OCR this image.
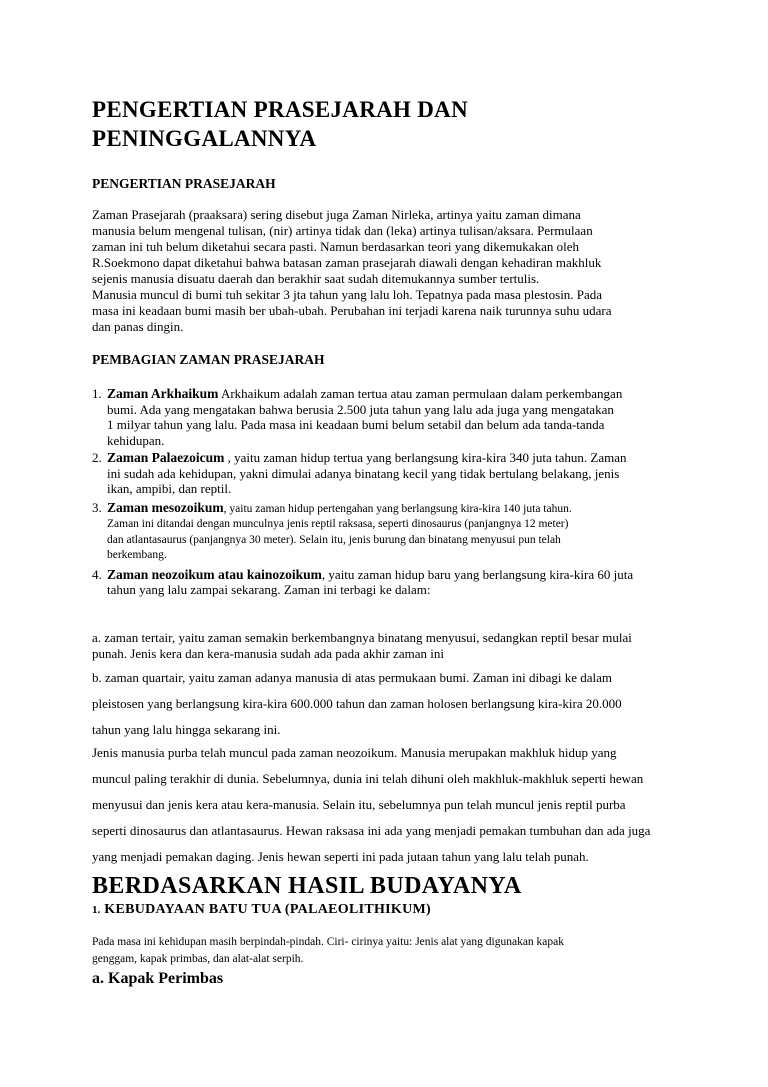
PENGERTIAN PRASEJARAH DAN
PENINGGALANNYA
PENGERTIAN PRASEJARAH
Zaman Prasejarah (praaksara) sering disebut juga Zaman Nirleka, artinya yaitu zaman dimana
manusia belum mengenal tulisan, (nir) artinya tidak dan (leka) artinya tulisan/aksara. Permulaan
zaman ini tuh belum diketahui secara pasti. Namun berdasarkan teori yang dikemukakan oleh
R.Soekmono dapat diketahui bahwa batasan zaman prasejarah diawali dengan kehadiran makhluk
sejenis manusia disuatu daerah dan berakhir saat sudah ditemukannya sumber tertulis.
Manusia muncul di bumi tuh sekitar 3 jta tahun yang lalu loh. Tepatnya pada masa plestosin. Pada
masa ini keadaan bumi masih ber ubah-ubah. Perubahan ini terjadi karena naik turunnya suhu udara
dan panas dingin.
PEMBAGIAN ZAMAN PRASEJARAH
1. Zaman Arkhaikum Arkhaikum adalah zaman tertua atau zaman permulaan dalam perkembangan
bumi. Ada yang mengatakan bahwa berusia 2.500 juta tahun yang lalu ada juga yang mengatakan
1 milyar tahun yang lalu. Pada masa ini keadaan bumi belum setabil dan belum ada tanda-tanda
kehidupan.
2. Zaman Palaezoicum , yaitu zaman hidup tertua yang berlangsung kira-kira 340 juta tahun. Zaman
ini sudah ada kehidupan, yakni dimulai adanya binatang kecil yang tidak bertulang belakang, jenis
ikan, ampibi, dan reptil.
3. Zaman mesozoikum, yaitu zaman hidup pertengahan yang berlangsung kira-kira 140 juta tahun.
Zaman ini ditandai dengan munculnya jenis reptil raksasa, seperti dinosaurus (panjangnya 12 meter)
dan atlantasaurus (panjangnya 30 meter). Selain itu, jenis burung dan binatang menyusui pun telah
berkembang.
4. Zaman neozoikum atau kainozoikum, yaitu zaman hidup baru yang berlangsung kira-kira 60 juta
tahun yang lalu zampai sekarang. Zaman ini terbagi ke dalam:
a. zaman tertair, yaitu zaman semakin berkembangnya binatang menyusui, sedangkan reptil besar mulai
punah. Jenis kera dan kera-manusia sudah ada pada akhir zaman ini
b. zaman quartair, yaitu zaman adanya manusia di atas permukaan bumi. Zaman ini dibagi ke dalam
pleistosen yang berlangsung kira-kira 600.000 tahun dan zaman holosen berlangsung kira-kira 20.000
tahun yang lalu hingga sekarang ini.
Jenis manusia purba telah muncul pada zaman neozoikum. Manusia merupakan makhluk hidup yang
muncul paling terakhir di dunia. Sebelumnya, dunia ini telah dihuni oleh makhluk-makhluk seperti hewan
menyusui dan jenis kera atau kera-manusia. Selain itu, sebelumnya pun telah muncul jenis reptil purba
seperti dinosaurus dan atlantasaurus. Hewan raksasa ini ada yang menjadi pemakan tumbuhan dan ada juga
yang menjadi pemakan daging. Jenis hewan seperti ini pada jutaan tahun yang lalu telah punah.
BERDASARKAN HASIL BUDAYANYA
1. KEBUDAYAAN BATU TUA (PALAEOLITHIKUM)
Pada masa ini kehidupan masih berpindah-pindah. Ciri- cirinya yaitu: Jenis alat yang digunakan kapak
genggam, kapak primbas, dan alat-alat serpih.
a. Kapak Perimbas
